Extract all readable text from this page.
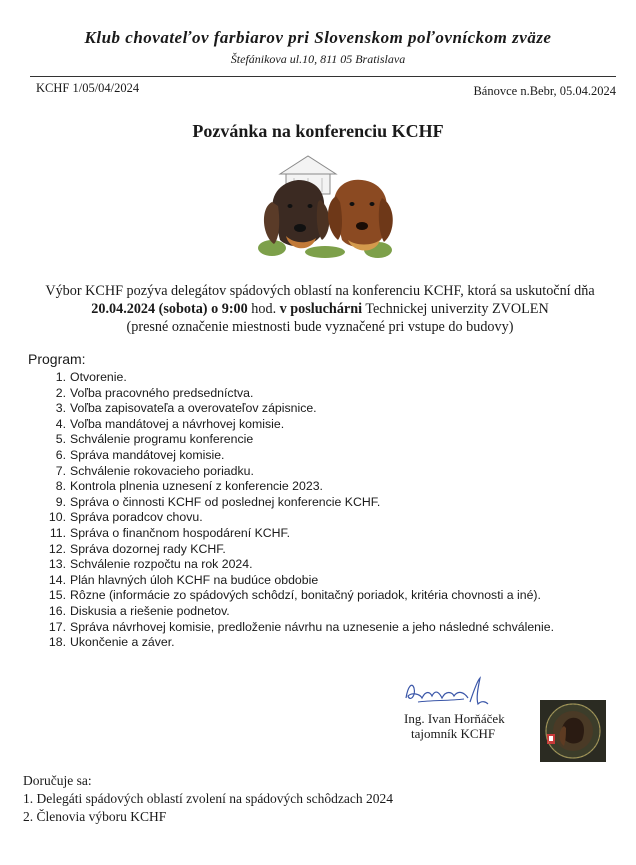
Klub chovateľov farbiarov pri Slovenskom poľovníckom zväze
Štefánikova ul.10, 811 05 Bratislava
KCHF 1/05/04/2024	Bánovce n.Bebr, 05.04.2024
Pozvánka na konferenciu KCHF
Výbor KCHF pozýva delegátov spádových oblastí na konferenciu KCHF, ktorá sa uskutoční dňa 20.04.2024 (sobota) o 9:00 hod. v posluchárni Technickej univerzity ZVOLEN
(presné označenie miestnosti bude vyznačené pri vstupe do budovy)
Program:
1. Otvorenie.
2. Voľba pracovného predsedníctva.
3. Voľba zapisovateľa a overovateľov zápisnice.
4. Voľba mandátovej a návrhovej komisie.
5. Schválenie programu konferencie
6. Správa mandátovej komisie.
7. Schválenie rokovacieho poriadku.
8. Kontrola plnenia uznesení z konferencie 2023.
9. Správa o činnosti KCHF od poslednej konferencie KCHF.
10. Správa poradcov chovu.
11. Správa o finančnom hospodárení KCHF.
12. Správa dozornej rady KCHF.
13. Schválenie rozpočtu na rok 2024.
14. Plán hlavných úloh KCHF na budúce obdobie
15. Rôzne (informácie zo spádových schôdzí, bonitačný poriadok, kritéria chovnosti a iné).
16. Diskusia a riešenie podnetov.
17. Správa návrhovej komisie, predloženie návrhu na uznesenie a jeho následné schválenie.
18. Ukončenie a záver.
Ing. Ivan Horňáček
tajomník KCHF
Doručuje sa:
1. Delegáti spádových oblastí zvolení na spádových schôdzach 2024
2. Členovia výboru KCHF
